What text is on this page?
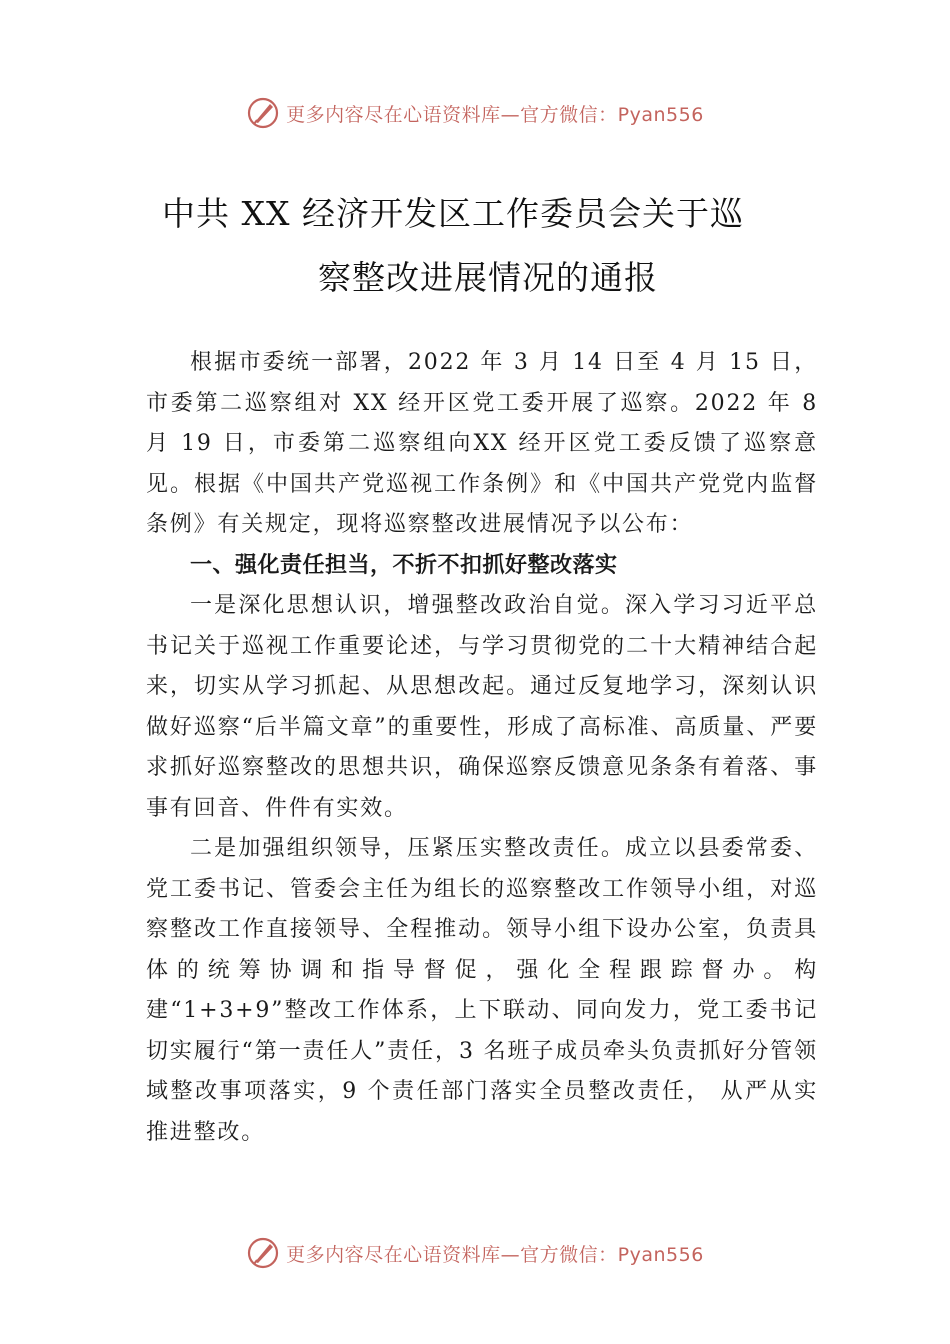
更多内容尽在心语资料库—官方微信：Pyan556
中共 XX 经济开发区工作委员会关于巡
察整改进展情况的通报

根据市委统一部署，2022 年 3 月 14 日至 4 月 15 日，市委第二巡察组对 XX 经开区党工委开展了巡察。2022 年 8 月 19 日，市委第二巡察组向XX 经开区党工委反馈了巡察意见。根据《中国共产党巡视工作条例》和《中国共产党党内监督条例》有关规定，现将巡察整改进展情况予以公布：

一、强化责任担当，不折不扣抓好整改落实

一是深化思想认识，增强整改政治自觉。深入学习习近平总书记关于巡视工作重要论述，与学习贯彻党的二十大精神结合起来，切实从学习抓起、从思想改起。通过反复地学习，深刻认识做好巡察“后半篇文章”的重要性，形成了高标准、高质量、严要求抓好巡察整改的思想共识，确保巡察反馈意见条条有着落、事事有回音、件件有实效。

二是加强组织领导，压紧压实整改责任。成立以县委常委、党工委书记、管委会主任为组长的巡察整改工作领导小组，对巡察整改工作直接领导、全程推动。领导小组下设办公室，负责具体的统筹协调和指导督促，强化全程跟踪督办。构建“1+3+9”整改工作体系，上下联动、同向发力，党工委书记切实履行“第一责任人”责任，3 名班子成员牵头负责抓好分管领域整改事项落实，9 个责任部门落实全员整改责任， 从严从实推进整改。

更多内容尽在心语资料库—官方微信：Pyan556
